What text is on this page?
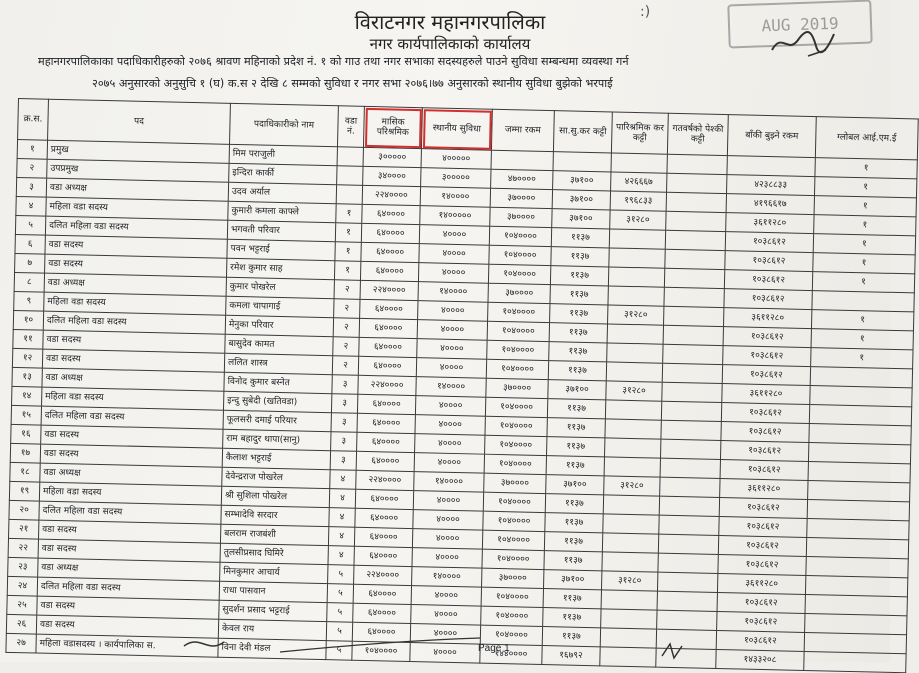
विराटनगर महानगरपालिका
नगर कार्यपालिकाको कार्यालय
:)
AUG 2019
महानगरपालिकाका पदाधिकारीहरुको २०७६ श्रावण महिनाको प्रदेश नं. १ को गाउ तथा नगर सभाका सदस्यहरुले पाउने सुविधा सम्बन्धमा व्यवस्था गर्न
२०७५ अनुसारको अनुसुचि १ (घ) क.स २ देखि ८ सम्मको सुविधा र नगर सभा २०७६।७७ अनुसारको स्थानीय सुविधा बुझेको भरपाई
क्र.स.	पद	पदाधिकारीको नाम	वडा नं.	मासिक परिश्रमिक	स्थानीय सुविधा	जम्मा रकम	सा.सु.कर कट्टी	पारिश्रमिक कर कट्टी	गतवर्षको पेश्की कट्टी	बाँकी बुझ्ने रकम	ग्लोबल आई.एम.ई
१	प्रमुख	मिम पराजुली		३०००००	४०००००						१
२	उपप्रमुख	इन्दिरा कार्की		३४००००	३०००००	४७००००	३७१००	४२६६६७		४२३८८३३	१
३	वडा अध्यक्ष	उदव अर्याल		२२४००००	१४००००	३७००००	३७१००	१९६८३३		४१९६६१७	१
४	महिला वडा सदस्य	कुमारी कमला काफ्ले	१	६४००००	१४०००००	३७००००	३७१००	३१२८०		३६११२८०	१
५	दलित महिला वडा सदस्य	भगवती परिवार	१	६४००००	४००००	१०४००००	११३७			१०३८६१२	१
६	वडा सदस्य	पवन भट्टराई	१	६४००००	४००००	१०४००००	११३७			१०३८६१२	१
७	वडा सदस्य	रमेश कुमार साह	१	६४००००	४००००	१०४००००	११३७			१०३८६१२	१
८	वडा अध्यक्ष	कुमार पोखरेल	२	२२४००००	१४००००	३७००००	११३७			१०३८६१२	
९	महिला वडा सदस्य	कमला चापागाई	२	६४००००	४००००	१०४००००	११३७	३१२८०		३६११२८०	१
१०	दलित महिला वडा सदस्य	मेनुका परिवार	२	६४००००	४००००	१०४००००	११३७			१०३८६१२	१
११	वडा सदस्य	बासुदेव कामत	२	६४००००	४००००	१०४००००	११३७			१०३८६१२	१
१२	वडा सदस्य	ललित शास्त्र	२	६४००००	४००००	१०४००००	११३७			१०३८६१२	
१३	वडा अध्यक्ष	विनोद कुमार बस्नेत	३	२२४००००	१४००००	३७००००	३७१००	३१२८०		३६११२८०	
१४	महिला वडा सदस्य	इन्दु सुबेदी (खतिवडा)	३	६४००००	४००००	१०४००००	११३७			१०३८६१२	
१५	दलित महिला वडा सदस्य	फूलसरी दमाई परियार	३	६४००००	४००००	१०४००००	११३७			१०३८६१२	
१६	वडा सदस्य	राम बहादुर थापा(सानु)	३	६४००००	४००००	१०४००००	११३७			१०३८६१२	
१७	वडा सदस्य	कैलाश भट्टराई	३	६४००००	४००००	१०४००००	११३७			१०३८६१२	
१८	वडा अध्यक्ष	देवेन्द्रराज पोखरेल	४	२२४००००	१४००००	३७००००	३७१००	३१२८०		३६११२८०	
१९	महिला वडा सदस्य	श्री सुशिला पोखरेल	४	६४००००	४००००	१०४००००	११३७			१०३८६१२	
२०	दलित महिला वडा सदस्य	सम्भादेवि सरदार	४	६४००००	४००००	१०४००००	११३७			१०३८६१२	
२१	वडा सदस्य	बलराम राजबंशी	४	६४००००	४००००	१०४००००	११३७			१०३८६१२	
२२	वडा सदस्य	तुलसीप्रसाद घिमिरे	४	६४००००	४००००	१०४००००	११३७			१०३८६१२	
२३	वडा अध्यक्ष	मिनकुमार आचार्य	५	२२४००००	१४००००	३७००००	३७१००	३१२८०		३६११२८०	
२४	दलित महिला वडा सदस्य	राधा पासवान	५	६४००००	४००००	१०४००००	११३७			१०३८६१२	
२५	वडा सदस्य	सुदर्शन प्रसाद भट्टराई	५	६४००००	४००००	१०४००००	११३७			१०३८६१२	
२६	वडा सदस्य	केवल राय	५	६४००००	४००००	१०४००००	११३७			१०३८६१२	
२७	महिला वडासदस्य । कार्यपालिका स.	विना देवी मंडल	५	१०४००००	४००००	१४४००००	१६७९२			१४३३२०८	
Page 1
